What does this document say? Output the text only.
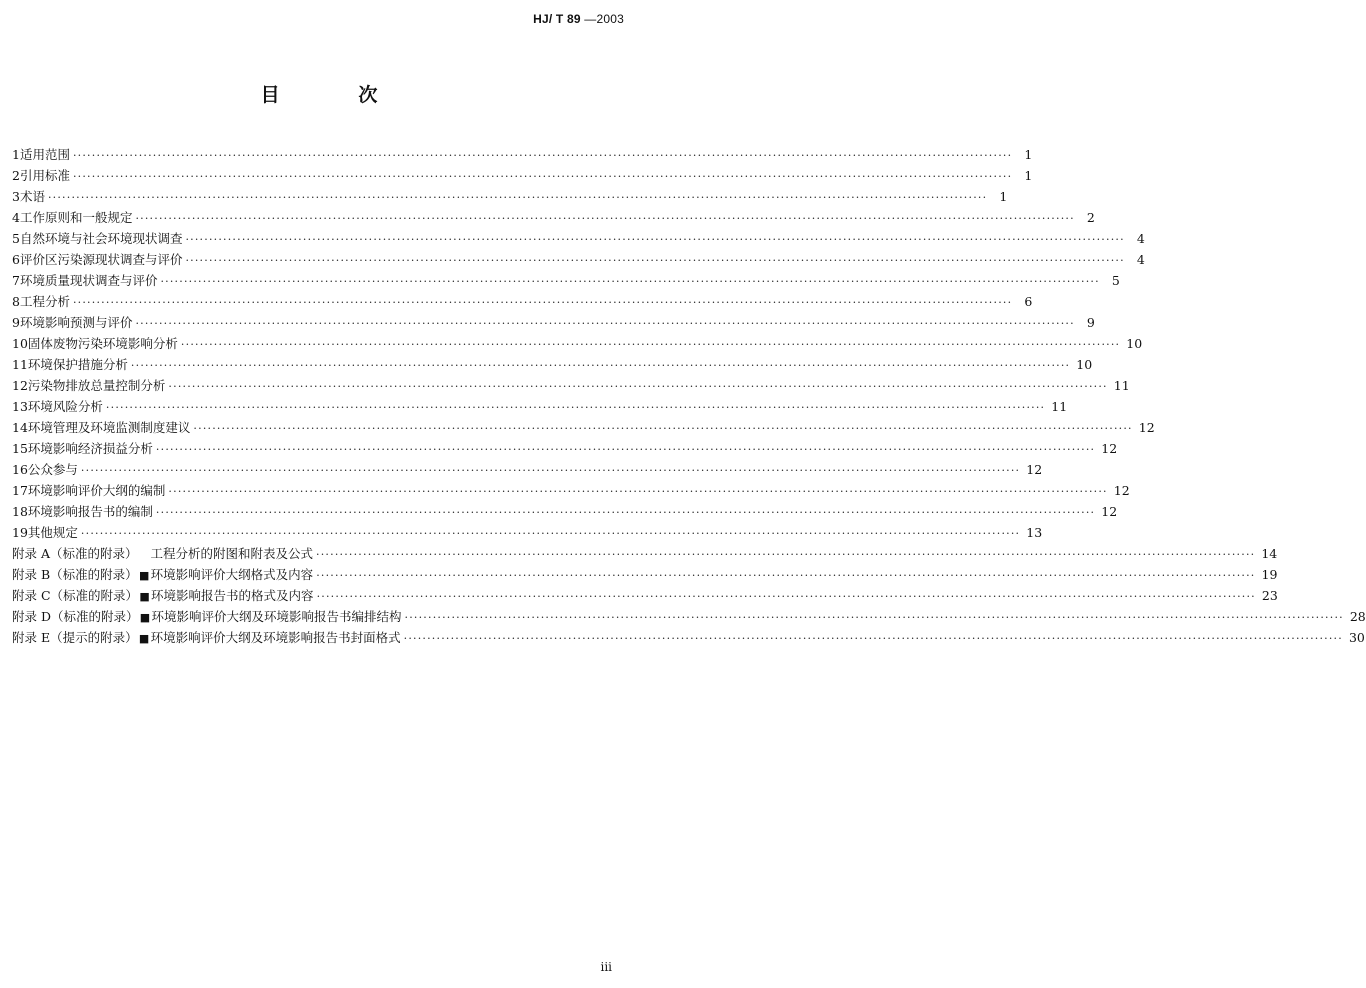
HJ/ T 89 —2003
目	次
1 适用范围 ········································································································································································································ 1
2 引用标准 ········································································································································································································ 1
3 术语 ········································································································································································································ 1
4 工作原则和一般规定 ········································································································································································································ 2
5 自然环境与社会环境现状调查 ········································································································································································································ 4
6 评价区污染源现状调查与评价 ········································································································································································································ 4
7 环境质量现状调查与评价 ········································································································································································································ 5
8 工程分析 ········································································································································································································ 6
9 环境影响预测与评价 ········································································································································································································ 9
10 固体废物污染环境影响分析 ········································································································································································································ 10
11 环境保护措施分析 ········································································································································································································ 10
12 污染物排放总量控制分析 ········································································································································································································ 11
13 环境风险分析 ········································································································································································································ 11
14 环境管理及环境监测制度建议 ········································································································································································································ 12
15 环境影响经济损益分析 ········································································································································································································ 12
16 公众参与 ········································································································································································································ 12
17 环境影响评价大纲的编制 ········································································································································································································ 12
18 环境影响报告书的编制 ········································································································································································································ 12
19 其他规定 ········································································································································································································ 13
附录 A（标准的附录）	工程分析的附图和附表及公式 ········································································································································································································ 14
附录 B（标准的附录）■ 环境影响评价大纲格式及内容 ········································································································································································································ 19
附录 C（标准的附录）■ 环境影响报告书的格式及内容 ········································································································································································································ 23
附录 D（标准的附录）■ 环境影响评价大纲及环境影响报告书编排结构 ········································································································································································································ 28
附录 E（提示的附录）■ 环境影响评价大纲及环境影响报告书封面格式 ········································································································································································································ 30
iii
